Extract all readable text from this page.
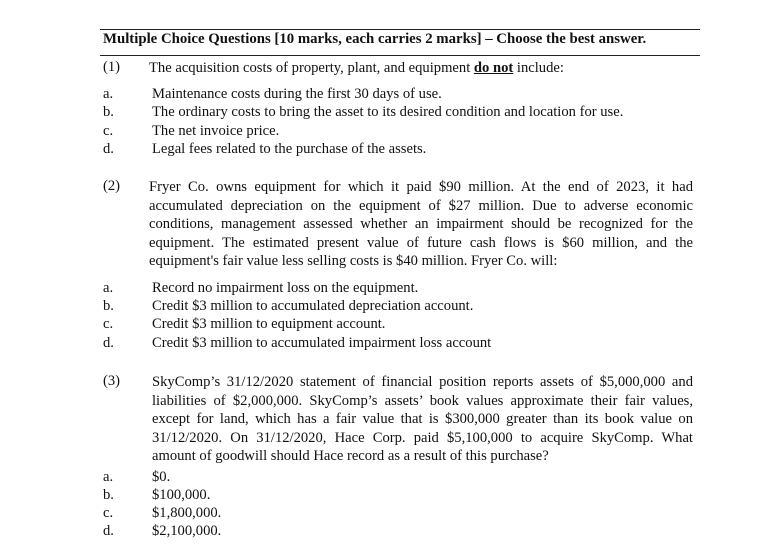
Multiple Choice Questions [10 marks, each carries 2 marks] – Choose the best answer.
(1) The acquisition costs of property, plant, and equipment do not include:
a.	Maintenance costs during the first 30 days of use.
b.	The ordinary costs to bring the asset to its desired condition and location for use.
c.	The net invoice price.
d.	Legal fees related to the purchase of the assets.
(2) Fryer Co. owns equipment for which it paid $90 million. At the end of 2023, it had accumulated depreciation on the equipment of $27 million. Due to adverse economic conditions, management assessed whether an impairment should be recognized for the equipment. The estimated present value of future cash flows is $60 million, and the equipment's fair value less selling costs is $40 million. Fryer Co. will:
a.	Record no impairment loss on the equipment.
b.	Credit $3 million to accumulated depreciation account.
c.	Credit $3 million to equipment account.
d.	Credit $3 million to accumulated impairment loss account
(3) SkyComp’s 31/12/2020 statement of financial position reports assets of $5,000,000 and liabilities of $2,000,000. SkyComp’s assets’ book values approximate their fair values, except for land, which has a fair value that is $300,000 greater than its book value on 31/12/2020. On 31/12/2020, Hace Corp. paid $5,100,000 to acquire SkyComp. What amount of goodwill should Hace record as a result of this purchase?
a.	$0.
b.	$100,000.
c.	$1,800,000.
d.	$2,100,000.
